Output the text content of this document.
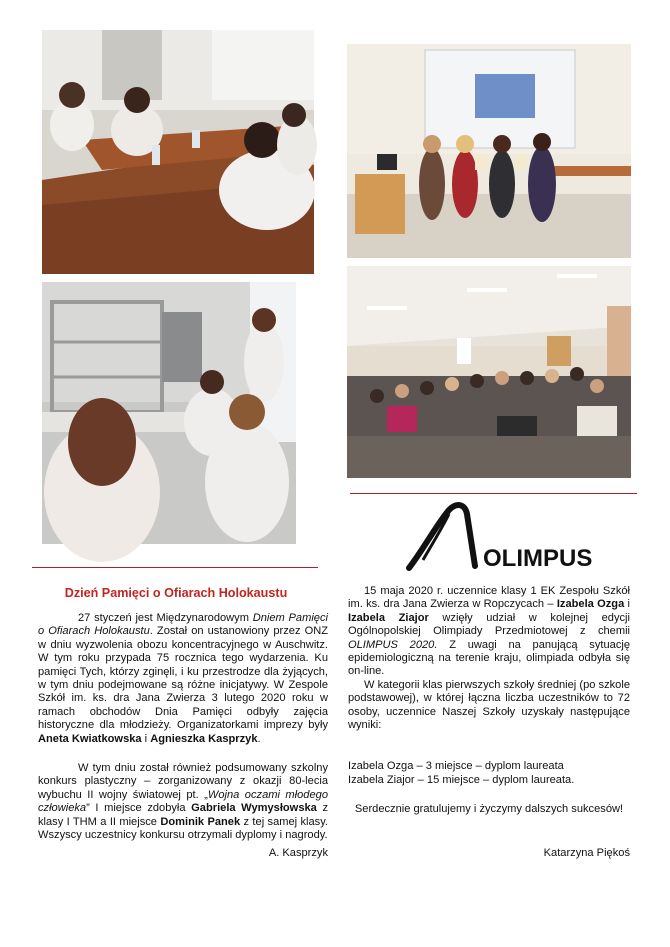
OLIMPUS
Dzień Pamięci o Ofiarach Holokaustu

27 styczeń jest Międzynarodowym Dniem Pamięci o Ofiarach Holokaustu. Został on ustanowiony przez ONZ w dniu wyzwolenia obozu koncentracyjnego w Auschwitz. W tym roku przypada 75 rocznica tego wydarzenia. Ku pamięci Tych, którzy zginęli, i ku przestrodze dla żyjących, w tym dniu podejmowane są różne inicjatywy. W Zespole Szkół im. ks. dra Jana Zwierza 3 lutego 2020 roku w ramach obchodów Dnia Pamięci odbyły zajęcia historyczne dla młodzieży. Organizatorkami imprezy były Aneta Kwiatkowska i Agnieszka Kasprzyk.

W tym dniu został również podsumowany szkolny konkurs plastyczny – zorganizowany z okazji 80-lecia wybuchu II wojny światowej pt. „Wojna oczami młodego człowieka” I miejsce zdobyła Gabriela Wymysłowska z klasy I THM a II miejsce Dominik Panek z tej samej klasy. Wszyscy uczestnicy konkursu otrzymali dyplomy i nagrody.

A. Kasprzyk

15 maja 2020 r. uczennice klasy 1 EK Zespołu Szkół im. ks. dra Jana Zwierza w Ropczycach – Izabela Ozga i Izabela Ziajor wzięły udział w kolejnej edycji Ogólnopolskiej Olimpiady Przedmiotowej z chemii OLIMPUS 2020. Z uwagi na panującą sytuację epidemiologiczną na terenie kraju, olimpiada odbyła się on-line.

W kategorii klas pierwszych szkoły średniej (po szkole podstawowej), w której łączna liczba uczestników to 72 osoby, uczennice Naszej Szkoły uzyskały następujące wyniki:

Izabela Ozga – 3 miejsce – dyplom laureata

Izabela Ziajor – 15 miejsce – dyplom laureata.

Serdecznie gratulujemy i życzymy dalszych sukcesów!

Katarzyna Piękoś
